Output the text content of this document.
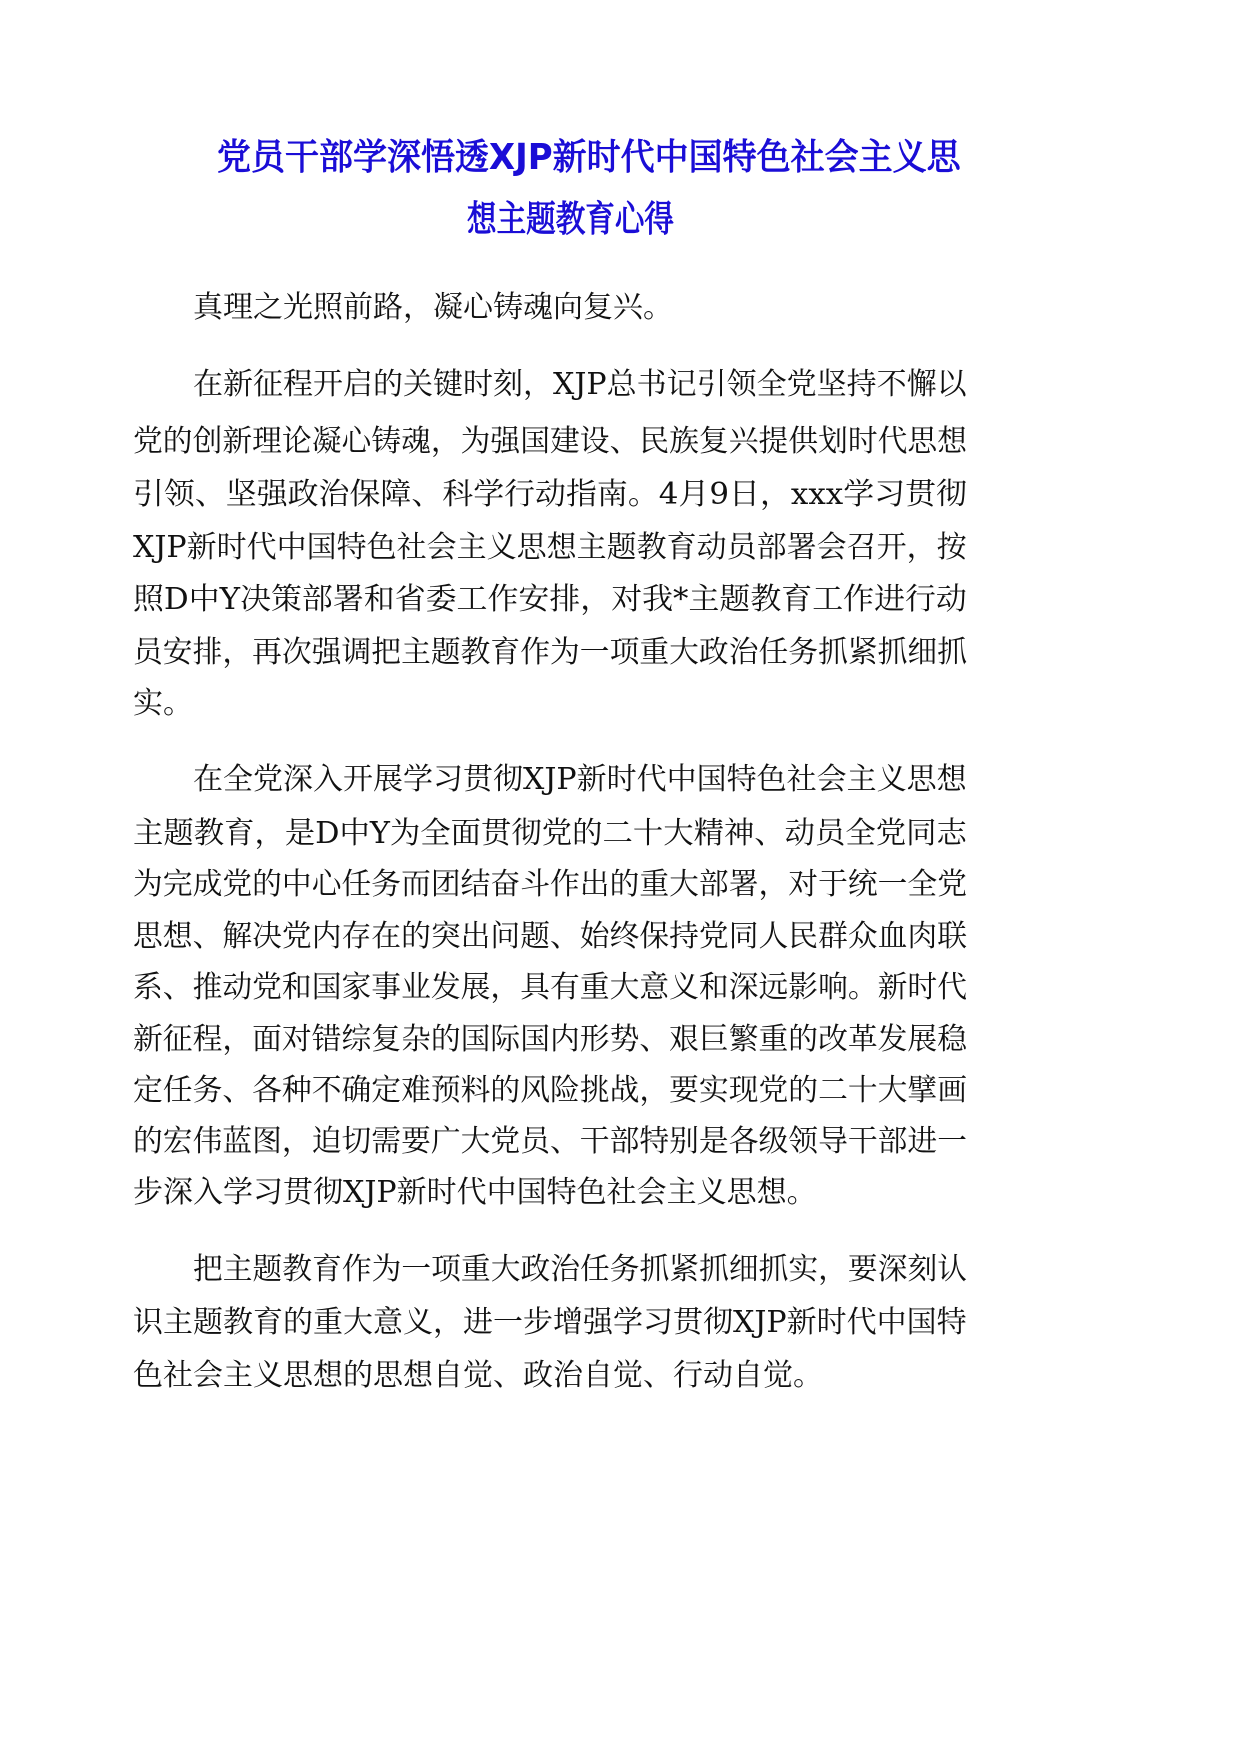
党员干部学深悟透XJP新时代中国特色社会主义思
想主题教育心得
真理之光照前路，凝心铸魂向复兴。
在新征程开启的关键时刻，XJP总书记引领全党坚持不懈以
党的创新理论凝心铸魂，为强国建设、民族复兴提供划时代思想
引领、坚强政治保障、科学行动指南。4月9日，xxx学习贯彻
XJP新时代中国特色社会主义思想主题教育动员部署会召开，按
照D中Y决策部署和省委工作安排，对我*主题教育工作进行动
员安排，再次强调把主题教育作为一项重大政治任务抓紧抓细抓
实。
在全党深入开展学习贯彻XJP新时代中国特色社会主义思想
主题教育，是D中Y为全面贯彻党的二十大精神、动员全党同志
为完成党的中心任务而团结奋斗作出的重大部署，对于统一全党
思想、解决党内存在的突出问题、始终保持党同人民群众血肉联
系、推动党和国家事业发展，具有重大意义和深远影响。新时代
新征程，面对错综复杂的国际国内形势、艰巨繁重的改革发展稳
定任务、各种不确定难预料的风险挑战，要实现党的二十大擘画
的宏伟蓝图，迫切需要广大党员、干部特别是各级领导干部进一
步深入学习贯彻XJP新时代中国特色社会主义思想。
把主题教育作为一项重大政治任务抓紧抓细抓实，要深刻认
识主题教育的重大意义，进一步增强学习贯彻XJP新时代中国特
色社会主义思想的思想自觉、政治自觉、行动自觉。
